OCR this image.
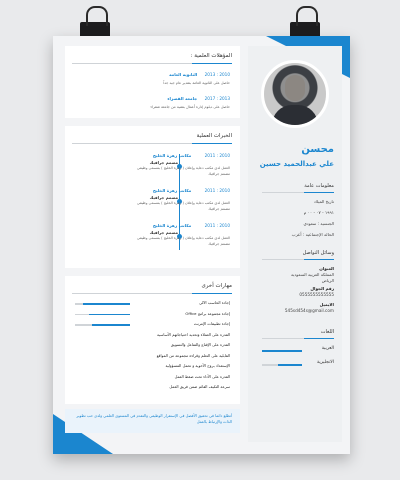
محسن
علي عبدالحميد حسين
معلومات عامة
تاريخ الميلاد
١٩٩١ - ٠٧ - ٠٠ م
الجنسية : سعودي
الحالة الإجتماعية : أعزب
وسائل التواصل
العنوان
المملكة العربية السعودية
الرياض
رقم الجوال
0555555555555
الايميل
545sd454s@gmail.com
اللغات
العربية
الانجليزية
المؤهلات العلمية :
2010 : 2013 الثانوية العامة
حاصل على الثانوية العامة بتقدير عام جيد جداً
2013 : 2017 جامعة القصراء
حاصل على دبلوم إدارة أعمال بتقنية من جامعة شقراء
الخبرات العملية
2010 : 2011 مكاتب زهرة الخليج
مصمم جرافيك
العمل لدى مكتب دعاية وإعلان ( زهرة الخليج ) بمسمى وظيفي مصمم جرافيك
2010 : 2011 مكاتب زهرة الخليج
مصمم جرافيك
العمل لدى مكتب دعاية وإعلان ( زهرة الخليج ) بمسمى وظيفي مصمم جرافيك
2010 : 2011 مكاتب زهرة الخليج
مصمم جرافيك
العمل لدى مكتب دعاية وإعلان ( زهرة الخليج ) بمسمى وظيفي مصمم جرافيك
مهارات أخرى
إجادة الحاسب الآلي
إجادة مجموعة برامج Office
إجادة تطبيقات الإنترنت
القدرة على العملاء وتحديد احتياجاتهم الأساسية
القدرة على الإقناع والتفاعل والتسويق
القابلية على التعلم وقراءة مجموعة من المواقع
الإستعداد بروح الأخوية و تحمل المسؤولية
القدرة على الأداء تحت ضغط العمل
سرعة التكيف القائم ضمن فريق العمل
أتطلع دائما في تحقيق الأفضل في الإستقرار الوظيفي والتقدم في المستوى العلمي ولدي حب تطوير الذات والإرتباط بالعمل
